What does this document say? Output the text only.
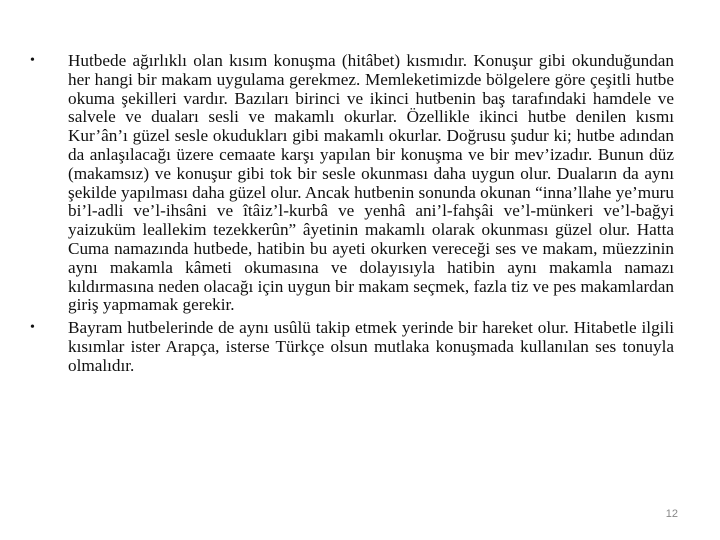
• Hutbede ağırlıklı olan kısım konuşma (hitâbet) kısmıdır. Konuşur gibi okunduğundan her hangi bir makam uygulama gerekmez. Memleketimizde bölgelere göre çeşitli hutbe okuma şekilleri vardır. Bazıları birinci ve ikinci hutbenin baş tarafındaki hamdele ve salvele ve duaları sesli ve makamlı okurlar. Özellikle ikinci hutbe denilen kısmı Kur’ân’ı güzel sesle okudukları gibi makamlı okurlar. Doğrusu şudur ki; hutbe adından da anlaşılacağı üzere cemaate karşı yapılan bir konuşma ve bir mev’izadır. Bunun düz (makamsız) ve konuşur gibi tok bir sesle okunması daha uygun olur. Duaların da aynı şekilde yapılması daha güzel olur. Ancak hutbenin sonunda okunan “inna’llahe ye’muru bi’l-adli ve’l-ihsâni ve îtâiz’l-kurbâ ve yenhâ ani’l-fahşâi ve’l-münkeri ve’l-bağyi yaizuküm leallekim tezekkerûn” âyetinin makamlı olarak okunması güzel olur. Hatta Cuma namazında hutbede, hatibin bu ayeti okurken vereceği ses ve makam, müezzinin aynı makamla kâmeti okumasına ve dolayısıyla hatibin aynı makamla namazı kıldırmasına neden olacağı için uygun bir makam seçmek, fazla tiz ve pes makamlardan giriş yapmamak gerekir.

• Bayram hutbelerinde de aynı usûlü takip etmek yerinde bir hareket olur. Hitabetle ilgili kısımlar ister Arapça, isterse Türkçe olsun mutlaka konuşmada kullanılan ses tonuyla olmalıdır.

12
